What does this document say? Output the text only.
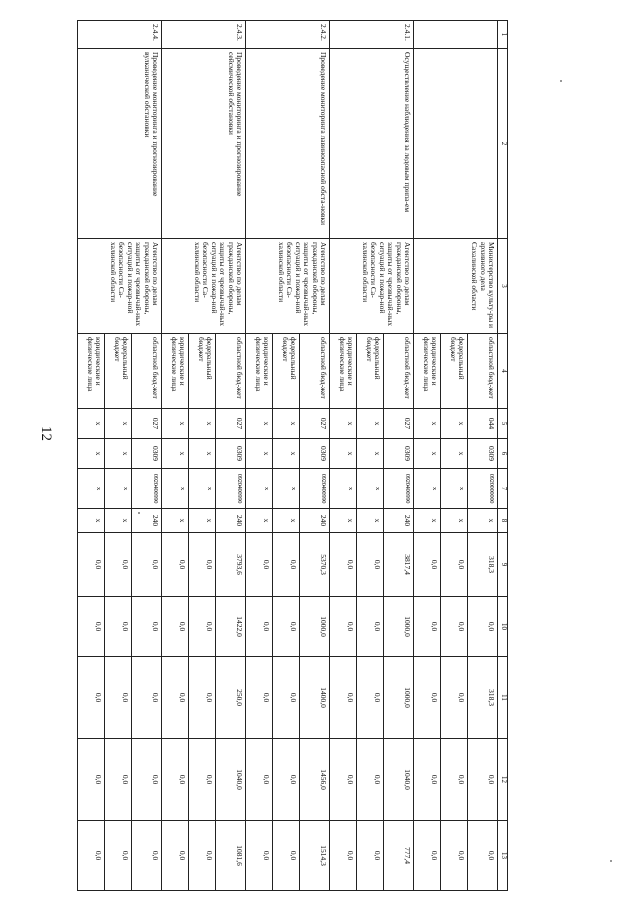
12
1	2	3	4	5	6	7	8	9	10	11	12	13
		Министерство культу-ры и архивного дела Сахалинской области	областной бюд-жет	044	0309	0920000000	x	318,3	0,0	318,3	0,0	0,0
			федеральный бюджет	x	x	x	x	0,0	0,0	0,0	0,0	0,0
			юридические и физические лица	x	x	x	x	0,0	0,0	0,0	0,0	0,0
2.4.1.	Осуществление наблюдения за ледовым припа-ем	Агентство по делам гражданской обороны, защиты от чрезвычай-ных ситуаций и пожар-ной безопасности Са-халинской области	областной бюд-жет	027	0309	0920400990	240	3817,4	1000,0	1000,0	1040,0	777,4
			федеральный бюджет	x	x	x	x	0,0	0,0	0,0	0,0	0,0
			юридические и физические лица	x	x	x	x	0,0	0,0	0,0	0,0	0,0
2.4.2.	Проведение мониторинга лавиноопасной обста-новки	Агентство по делам гражданской обороны, защиты от чрезвычай-ных ситуаций и пожар-ной безопасности Са-халинской области	областной бюд-жет	027	0309	0920400990	240	5370,3	1000,0	1400,0	1456,0	1514,3
			федеральный бюджет	x	x	x	x	0,0	0,0	0,0	0,0	0,0
			юридические и физические лица	x	x	x	x	0,0	0,0	0,0	0,0	0,0
2.4.3.	Проведение мониторинга и прогнозирование сейсмической обстановки	Агентство по делам гражданской обороны, защиты от чрезвычай-ных ситуаций и пожар-ной безопасности Са-халинской области	областной бюд-жет	027	0309	0920400990	240	3793,6	1422,0	250,0	1040,0	1081,6
			федеральный бюджет	x	x	x	x	0,0	0,0	0,0	0,0	0,0
			юридические и физические лица	x	x	x	x	0,0	0,0	0,0	0,0	0,0
2.4.4.	Проведение мониторинга и прогнозирование вулканической обстановки	Агентство по делам гражданской обороны, защиты от чрезвычай-ных ситуаций и пожар-ной безопасности Са-халинской области	областной бюд-жет	027	0309	0920400990	240	0,0	0,0	0,0	0,0	0,0
			федеральный бюджет	x	x	x	x	0,0	0,0	0,0	0,0	0,0
			юридические и физические лица	x	x	x	x	0,0	0,0	0,0	0,0	0,0
